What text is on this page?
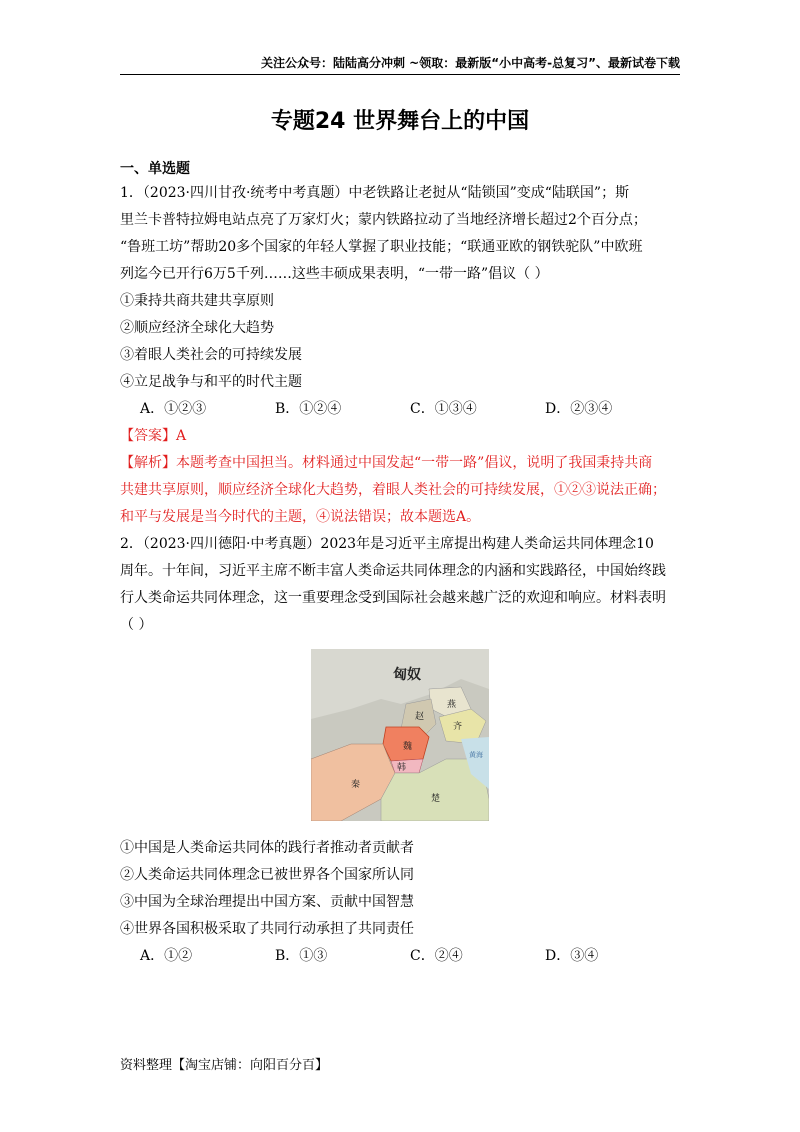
关注公众号：陆陆高分冲刺 ~领取：最新版“小中高考-总复习”、最新试卷下载
专题24 世界舞台上的中国

一、单选题

1．（2023·四川甘孜·统考中考真题）中老铁路让老挝从“陆锁国”变成“陆联国”；斯

里兰卡普特拉姆电站点亮了万家灯火；蒙内铁路拉动了当地经济增长超过2个百分点；

“鲁班工坊”帮助20多个国家的年轻人掌握了职业技能；“联通亚欧的钢铁驼队”中欧班

列迄今已开行6万5千列……这些丰硕成果表明，“一带一路”倡议（ ）

①秉持共商共建共享原则

②顺应经济全球化大趋势

③着眼人类社会的可持续发展

④立足战争与和平的时代主题

A．①②③	B．①②④	C．①③④	D．②③④

【答案】A

【解析】本题考查中国担当。材料通过中国发起“一带一路”倡议，说明了我国秉持共商

共建共享原则，顺应经济全球化大趋势，着眼人类社会的可持续发展，①②③说法正确；

和平与发展是当今时代的主题，④说法错误；故本题选A。

2．（2023·四川德阳·中考真题）2023年是习近平主席提出构建人类命运共同体理念10

周年。十年间，习近平主席不断丰富人类命运共同体理念的内涵和实践路径，中国始终践

行人类命运共同体理念，这一重要理念受到国际社会越来越广泛的欢迎和响应。材料表明

（ ）

匈奴
燕
赵
齐
魏
韩
秦
楚
黄海

①中国是人类命运共同体的践行者推动者贡献者

②人类命运共同体理念已被世界各个国家所认同

③中国为全球治理提出中国方案、贡献中国智慧

④世界各国积极采取了共同行动承担了共同责任

A．①②	B．①③	C．②④	D．③④
资料整理【淘宝店铺：向阳百分百】
